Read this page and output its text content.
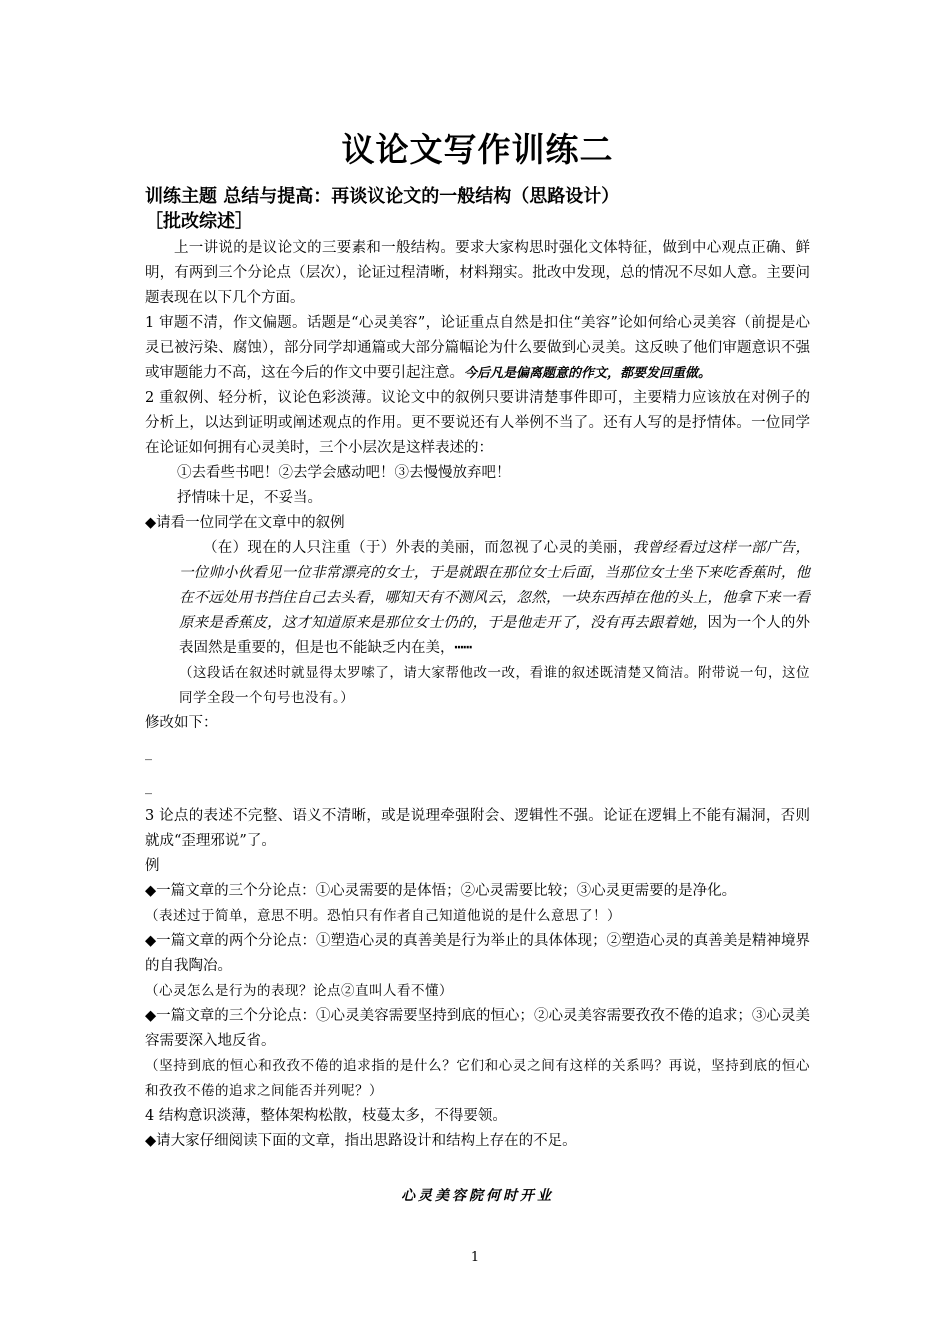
议论文写作训练二

训练主题 总结与提高：再谈议论文的一般结构（思路设计）

［批改综述］

上一讲说的是议论文的三要素和一般结构。要求大家构思时强化文体特征，做到中心观点正确、鲜明，有两到三个分论点（层次），论证过程清晰，材料翔实。批改中发现，总的情况不尽如人意。主要问题表现在以下几个方面。

1 审题不清，作文偏题。话题是“心灵美容”，论证重点自然是扣住“美容”论如何给心灵美容（前提是心灵已被污染、腐蚀），部分同学却通篇或大部分篇幅论为什么要做到心灵美。这反映了他们审题意识不强或审题能力不高，这在今后的作文中要引起注意。今后凡是偏离题意的作文，都要发回重做。

2 重叙例、轻分析，议论色彩淡薄。议论文中的叙例只要讲清楚事件即可，主要精力应该放在对例子的分析上，以达到证明或阐述观点的作用。更不要说还有人举例不当了。还有人写的是抒情体。一位同学在论证如何拥有心灵美时，三个小层次是这样表述的：

①去看些书吧！②去学会感动吧！③去慢慢放弃吧！

抒情味十足，不妥当。

◆请看一位同学在文章中的叙例

（在）现在的人只注重（于）外表的美丽，而忽视了心灵的美丽，我曾经看过这样一部广告，一位帅小伙看见一位非常漂亮的女士，于是就跟在那位女士后面，当那位女士坐下来吃香蕉时，他在不远处用书挡住自己去头看，哪知天有不测风云，忽然，一块东西掉在他的头上，他拿下来一看原来是香蕉皮，这才知道原来是那位女士仍的，于是他走开了，没有再去跟着她，因为一个人的外表固然是重要的，但是也不能缺乏内在美，┅┅

（这段话在叙述时就显得太罗嗦了，请大家帮他改一改，看谁的叙述既清楚又简洁。附带说一句，这位同学全段一个句号也没有。）

修改如下：

_
_

3 论点的表述不完整、语义不清晰，或是说理牵强附会、逻辑性不强。论证在逻辑上不能有漏洞，否则就成“歪理邪说”了。

例

◆一篇文章的三个分论点：①心灵需要的是体悟；②心灵需要比较；③心灵更需要的是净化。

（表述过于简单，意思不明。恐怕只有作者自己知道他说的是什么意思了！）

◆一篇文章的两个分论点：①塑造心灵的真善美是行为举止的具体体现；②塑造心灵的真善美是精神境界的自我陶冶。

（心灵怎么是行为的表现？论点②直叫人看不懂）

◆一篇文章的三个分论点：①心灵美容需要坚持到底的恒心；②心灵美容需要孜孜不倦的追求；③心灵美容需要深入地反省。

（坚持到底的恒心和孜孜不倦的追求指的是什么？它们和心灵之间有这样的关系吗？再说，坚持到底的恒心和孜孜不倦的追求之间能否并列呢？）

4 结构意识淡薄，整体架构松散，枝蔓太多，不得要领。

◆请大家仔细阅读下面的文章，指出思路设计和结构上存在的不足。

心灵美容院何时开业

1
